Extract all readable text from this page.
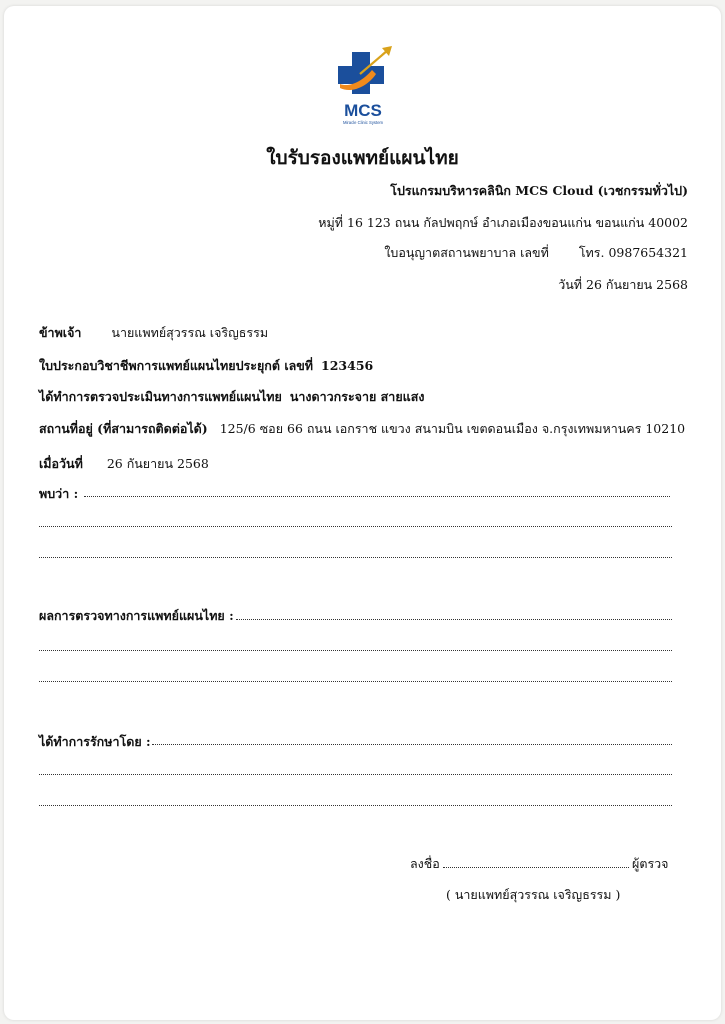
MCS
Miracle Clinic System
ใบรับรองแพทย์แผนไทย
โปรแกรมบริหารคลินิก MCS Cloud (เวชกรรมทั่วไป)
หมู่ที่ 16 123 ถนน กัลปพฤกษ์ อำเภอเมืองขอนแก่น ขอนแก่น 40002
ใบอนุญาตสถานพยาบาล เลขที่ โทร. 0987654321
วันที่ 26 กันยายน 2568
ข้าพเจ้า นายแพทย์สุวรรณ เจริญธรรม
ใบประกอบวิชาชีพการแพทย์แผนไทยประยุกต์ เลขที่ 123456
ได้ทำการตรวจประเมินทางการแพทย์แผนไทย นางดาวกระจาย สายแสง
สถานที่อยู่ (ที่สามารถติดต่อได้) 125/6 ซอย 66 ถนน เอกราช แขวง สนามบิน เขตดอนเมือง จ.กรุงเทพมหานคร 10210
เมื่อวันที่ 26 กันยายน 2568
พบว่า :
ผลการตรวจทางการแพทย์แผนไทย :
ได้ทำการรักษาโดย :
ลงชื่อ	ผู้ตรวจ
( นายแพทย์สุวรรณ เจริญธรรม )
